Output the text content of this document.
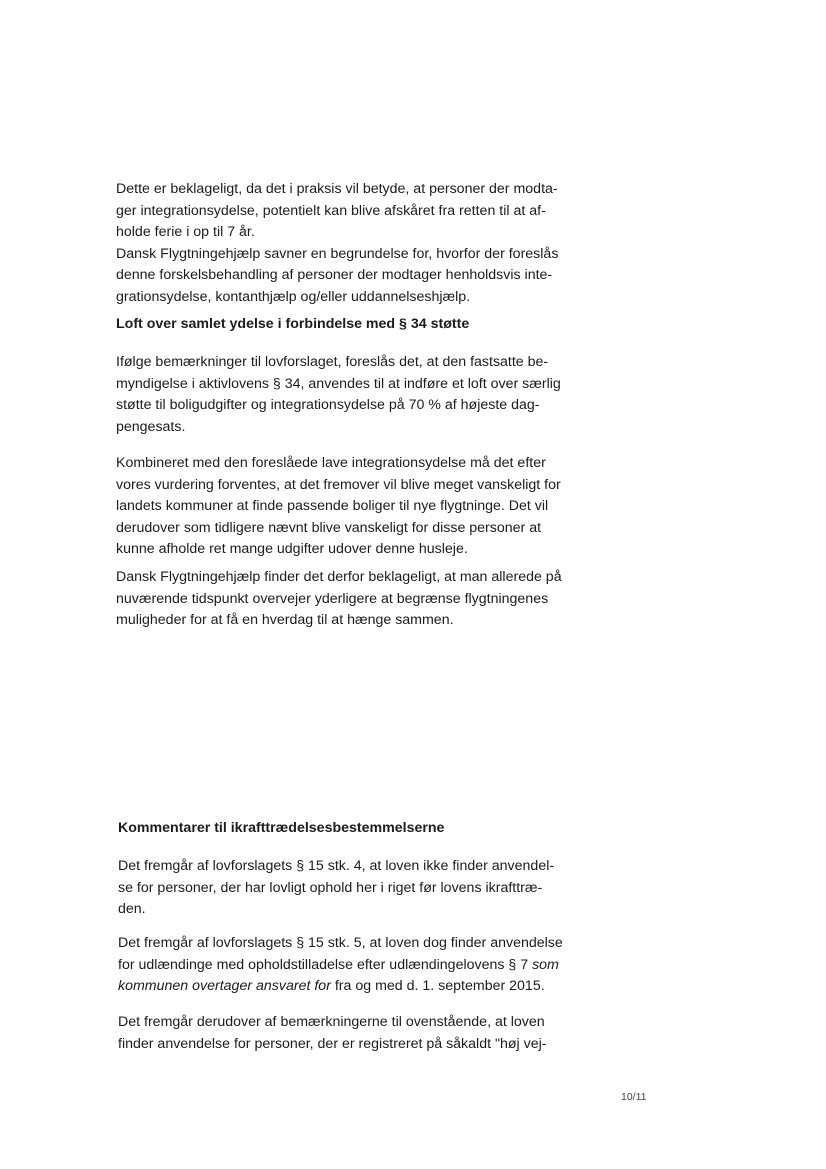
Dette er beklageligt, da det i praksis vil betyde, at personer der modta-
ger integrationsydelse, potentielt kan blive afskåret fra retten til at af-
holde ferie i op til 7 år.
Dansk Flygtningehjælp savner en begrundelse for, hvorfor der foreslås
denne forskelsbehandling af personer der modtager henholdsvis inte-
grationsydelse, kontanthjælp og/eller uddannelseshjælp.

Loft over samlet ydelse i forbindelse med § 34 støtte

Ifølge bemærkninger til lovforslaget, foreslås det, at den fastsatte be-
myndigelse i aktivlovens § 34, anvendes til at indføre et loft over særlig
støtte til boligudgifter og integrationsydelse på 70 % af højeste dag-
pengesats.

Kombineret med den foreslåede lave integrationsydelse må det efter
vores vurdering forventes, at det fremover vil blive meget vanskeligt for
landets kommuner at finde passende boliger til nye flygtninge. Det vil
derudover som tidligere nævnt blive vanskeligt for disse personer at
kunne afholde ret mange udgifter udover denne husleje.

Dansk Flygtningehjælp finder det derfor beklageligt, at man allerede på
nuværende tidspunkt overvejer yderligere at begrænse flygtningenes
muligheder for at få en hverdag til at hænge sammen.

Kommentarer til ikrafttrædelsesbestemmelserne

Det fremgår af lovforslagets § 15 stk. 4, at loven ikke finder anvendel-
se for personer, der har lovligt ophold her i riget før lovens ikrafttræ-
den.

Det fremgår af lovforslagets § 15 stk. 5, at loven dog finder anvendelse
for udlændinge med opholdstilladelse efter udlændingelovens § 7 som
kommunen overtager ansvaret for fra og med d. 1. september 2015.

Det fremgår derudover af bemærkningerne til ovenstående, at loven
finder anvendelse for personer, der er registreret på såkaldt "høj vej-

10/11
